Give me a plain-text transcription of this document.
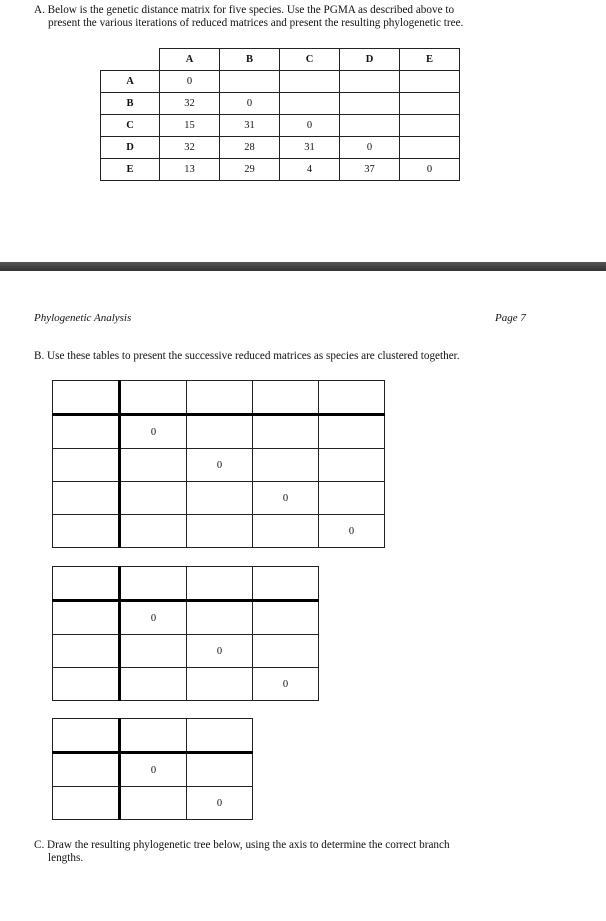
A. Below is the genetic distance matrix for five species. Use the PGMA as described above to
present the various iterations of reduced matrices and present the resulting phylogenetic tree.
	A	B	C	D	E
A	0				
B	32	0			
C	15	31	0		
D	32	28	31	0	
E	13	29	4	37	0
Phylogenetic Analysis	Page 7
B. Use these tables to present the successive reduced matrices as species are clustered together.

	0			
		0		
			0	
				0

	0		
		0	
			0

	0	
		0
C. Draw the resulting phylogenetic tree below, using the axis to determine the correct branch
lengths.
